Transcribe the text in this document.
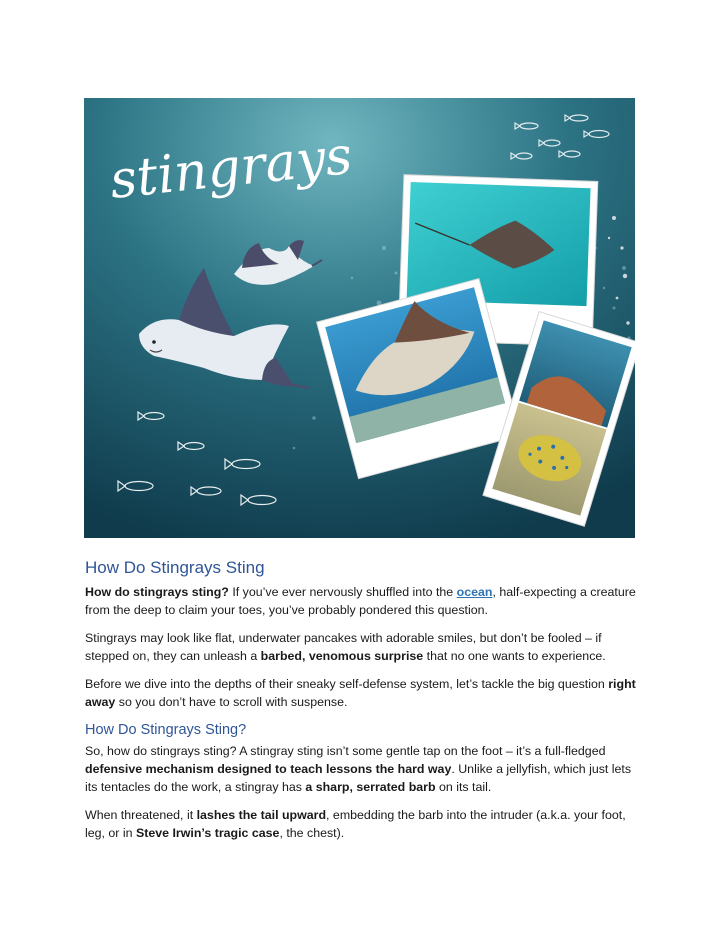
stingrays
How Do Stingrays Sting

How do stingrays sting? If you’ve ever nervously shuffled into the ocean, half-expecting a creature from the deep to claim your toes, you’ve probably pondered this question.

Stingrays may look like flat, underwater pancakes with adorable smiles, but don’t be fooled – if stepped on, they can unleash a barbed, venomous surprise that no one wants to experience.

Before we dive into the depths of their sneaky self-defense system, let’s tackle the big question right away so you don’t have to scroll with suspense.

How Do Stingrays Sting?

So, how do stingrays sting? A stingray sting isn’t some gentle tap on the foot – it’s a full-fledged defensive mechanism designed to teach lessons the hard way. Unlike a jellyfish, which just lets its tentacles do the work, a stingray has a sharp, serrated barb on its tail.

When threatened, it lashes the tail upward, embedding the barb into the intruder (a.k.a. your foot, leg, or in Steve Irwin’s tragic case, the chest).
